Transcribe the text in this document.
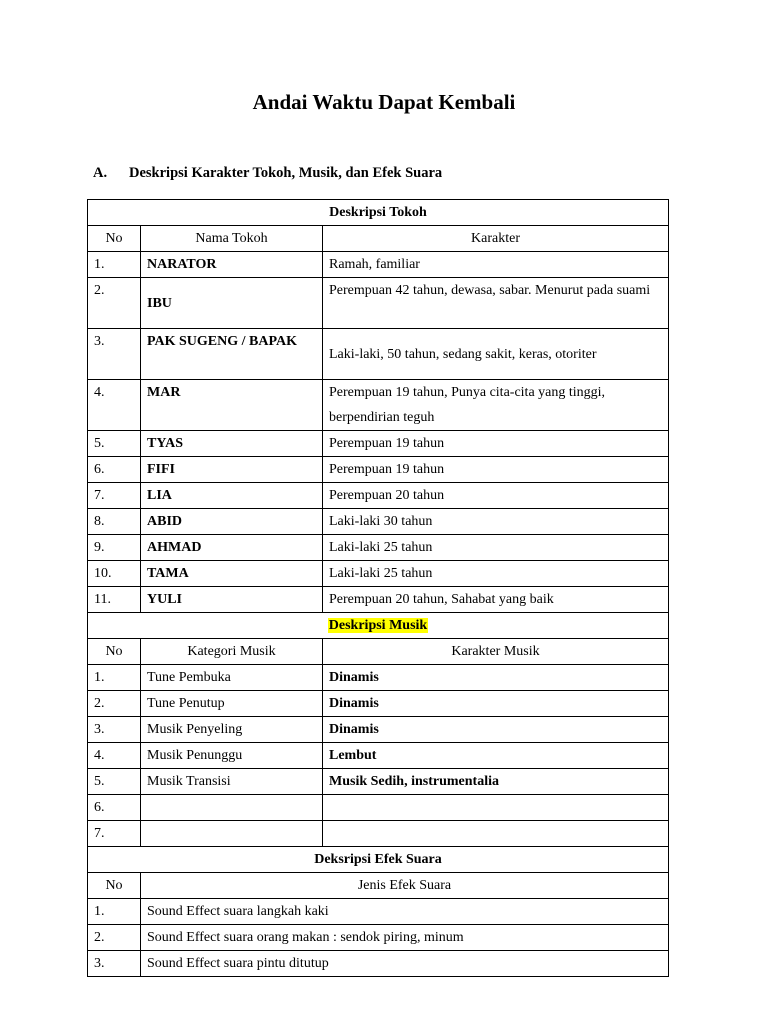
Andai Waktu Dapat Kembali
A. Deskripsi Karakter Tokoh, Musik, dan Efek Suara
Deskripsi Tokoh		
No	Nama Tokoh	Karakter
1.	NARATOR	Ramah, familiar
2.	IBU	Perempuan 42 tahun, dewasa, sabar. Menurut pada suami
3.	PAK SUGENG / BAPAK	Laki-laki, 50 tahun, sedang sakit, keras, otoriter
4.	MAR	Perempuan 19 tahun, Punya cita-cita yang tinggi, berpendirian teguh
5.	TYAS	Perempuan 19 tahun
6.	FIFI	Perempuan 19 tahun
7.	LIA	Perempuan 20 tahun
8.	ABID	Laki-laki 30 tahun
9.	AHMAD	Laki-laki 25 tahun
10.	TAMA	Laki-laki 25 tahun
11.	YULI	Perempuan 20 tahun, Sahabat yang baik
Deskripsi Musik		
No	Kategori Musik	Karakter Musik
1.	Tune Pembuka	Dinamis
2.	Tune Penutup	Dinamis
3.	Musik Penyeling	Dinamis
4.	Musik Penunggu	Lembut
5.	Musik Transisi	Musik Sedih, instrumentalia
6.		
7.		
Deksripsi Efek Suara		
No	Jenis Efek Suara	
1.	Sound Effect suara langkah kaki	
2.	Sound Effect suara orang makan : sendok piring, minum	
3.	Sound Effect suara pintu ditutup	
